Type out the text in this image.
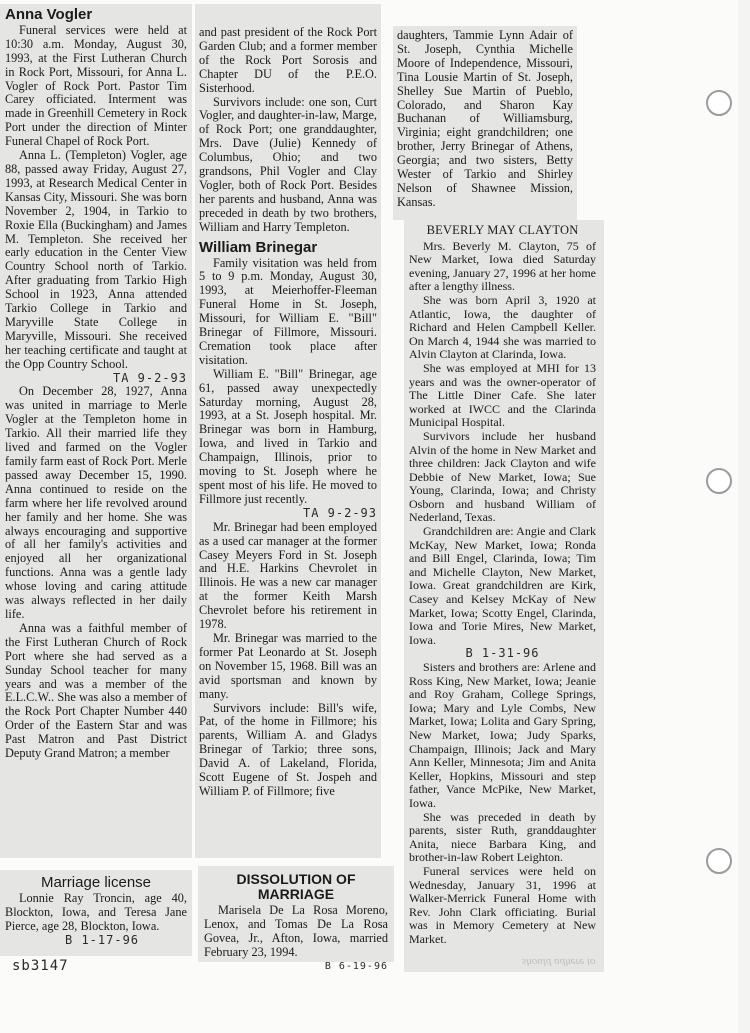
Anna Vogler

Funeral services were held at 10:30 a.m. Monday, August 30, 1993, at the First Lutheran Church in Rock Port, Missouri, for Anna L. Vogler of Rock Port. Pastor Tim Carey officiated. Interment was made in Greenhill Cemetery in Rock Port under the direction of Minter Funeral Chapel of Rock Port.

Anna L. (Templeton) Vogler, age 88, passed away Friday, August 27, 1993, at Research Medical Center in Kansas City, Missouri. She was born November 2, 1904, in Tarkio to Roxie Ella (Buckingham) and James M. Templeton. She received her early education in the Center View Country School north of Tarkio. After graduating from Tarkio High School in 1923, Anna attended Tarkio College in Tarkio and Maryville State College in Maryville, Missouri. She received her teaching certificate and taught at the Opp Country School.

TA 9-2-93

On December 28, 1927, Anna was united in marriage to Merle Vogler at the Templeton home in Tarkio. All their married life they lived and farmed on the Vogler family farm east of Rock Port. Merle passed away December 15, 1990. Anna continued to reside on the farm where her life revolved around her family and her home. She was always encouraging and supportive of all her family's activities and enjoyed all her organizational functions. Anna was a gentle lady whose loving and caring attitude was always reflected in her daily life.

Anna was a faithful member of the First Lutheran Church of Rock Port where she had served as a Sunday School teacher for many years and was a member of the E.L.C.W.. She was also a member of the Rock Port Chapter Number 440 Order of the Eastern Star and was Past Matron and Past District Deputy Grand Matron; a member

and past president of the Rock Port Garden Club; and a former member of the Rock Port Sorosis and Chapter DU of the P.E.O. Sisterhood.

Survivors include: one son, Curt Vogler, and daughter-in-law, Marge, of Rock Port; one granddaughter, Mrs. Dave (Julie) Kennedy of Columbus, Ohio; and two grandsons, Phil Vogler and Clay Vogler, both of Rock Port. Besides her parents and husband, Anna was preceded in death by two brothers, William and Harry Templeton.

William Brinegar

Family visitation was held from 5 to 9 p.m. Monday, August 30, 1993, at Meierhoffer-Fleeman Funeral Home in St. Joseph, Missouri, for William E. "Bill" Brinegar of Fillmore, Missouri. Cremation took place after visitation.

William E. "Bill" Brinegar, age 61, passed away unexpectedly Saturday morning, August 28, 1993, at a St. Joseph hospital. Mr. Brinegar was born in Hamburg, Iowa, and lived in Tarkio and Champaign, Illinois, prior to moving to St. Joseph where he spent most of his life. He moved to Fillmore just recently.

TA 9-2-93

Mr. Brinegar had been employed as a used car manager at the former Casey Meyers Ford in St. Joseph and H.E. Harkins Chevrolet in Illinois. He was a new car manager at the former Keith Marsh Chevrolet before his retirement in 1978.

Mr. Brinegar was married to the former Pat Leonardo at St. Joseph on November 15, 1968. Bill was an avid sportsman and known by many.

Survivors include: Bill's wife, Pat, of the home in Fillmore; his parents, William A. and Gladys Brinegar of Tarkio; three sons, David A. of Lakeland, Florida, Scott Eugene of St. Jospeh and William P. of Fillmore; five

daughters, Tammie Lynn Adair of St. Joseph, Cynthia Michelle Moore of Independence, Missouri, Tina Lousie Martin of St. Joseph, Shelley Sue Martin of Pueblo, Colorado, and Sharon Kay Buchanan of Williamsburg, Virginia; eight grandchildren; one brother, Jerry Brinegar of Athens, Georgia; and two sisters, Betty Wester of Tarkio and Shirley Nelson of Shawnee Mission, Kansas.

BEVERLY MAY CLAYTON

Mrs. Beverly M. Clayton, 75 of New Market, Iowa died Saturday evening, January 27, 1996 at her home after a lengthy illness.

She was born April 3, 1920 at Atlantic, Iowa, the daughter of Richard and Helen Campbell Keller. On March 4, 1944 she was married to Alvin Clayton at Clarinda, Iowa.

She was employed at MHI for 13 years and was the owner-operator of The Little Diner Cafe. She later worked at IWCC and the Clarinda Municipal Hospital.

Survivors include her husband Alvin of the home in New Market and three children: Jack Clayton and wife Debbie of New Market, Iowa; Sue Young, Clarinda, Iowa; and Christy Osborn and husband William of Nederland, Texas.

Grandchildren are: Angie and Clark McKay, New Market, Iowa; Ronda and Bill Engel, Clarinda, Iowa; Tim and Michelle Clayton, New Market, Iowa. Great grandchildren are Kirk, Casey and Kelsey McKay of New Market, Iowa; Scotty Engel, Clarinda, Iowa and Torie Mires, New Market, Iowa.

B 1-31-96

Sisters and brothers are: Arlene and Ross King, New Market, Iowa; Jeanie and Roy Graham, College Springs, Iowa; Mary and Lyle Combs, New Market, Iowa; Lolita and Gary Spring, New Market, Iowa; Judy Sparks, Champaign, Illinois; Jack and Mary Ann Keller, Minnesota; Jim and Anita Keller, Hopkins, Missouri and step father, Vance McPike, New Market, Iowa.

She was preceded in death by parents, sister Ruth, granddaughter Anita, niece Barbara King, and brother-in-law Robert Leighton.

Funeral services were held on Wednesday, January 31, 1996 at Walker-Merrick Funeral Home with Rev. John Clark officiating. Burial was in Memory Cemetery at New Market.

should adhere to
Marriage license

Lonnie Ray Troncin, age 40, Blockton, Iowa, and Teresa Jane Pierce, age 28, Blockton, Iowa.

B 1-17-96
DISSOLUTION OF MARRIAGE

Marisela De La Rosa Moreno, Lenox, and Tomas De La Rosa Govea, Jr., Afton, Iowa, married February 23, 1994.

B 6-19-96
sb3147
